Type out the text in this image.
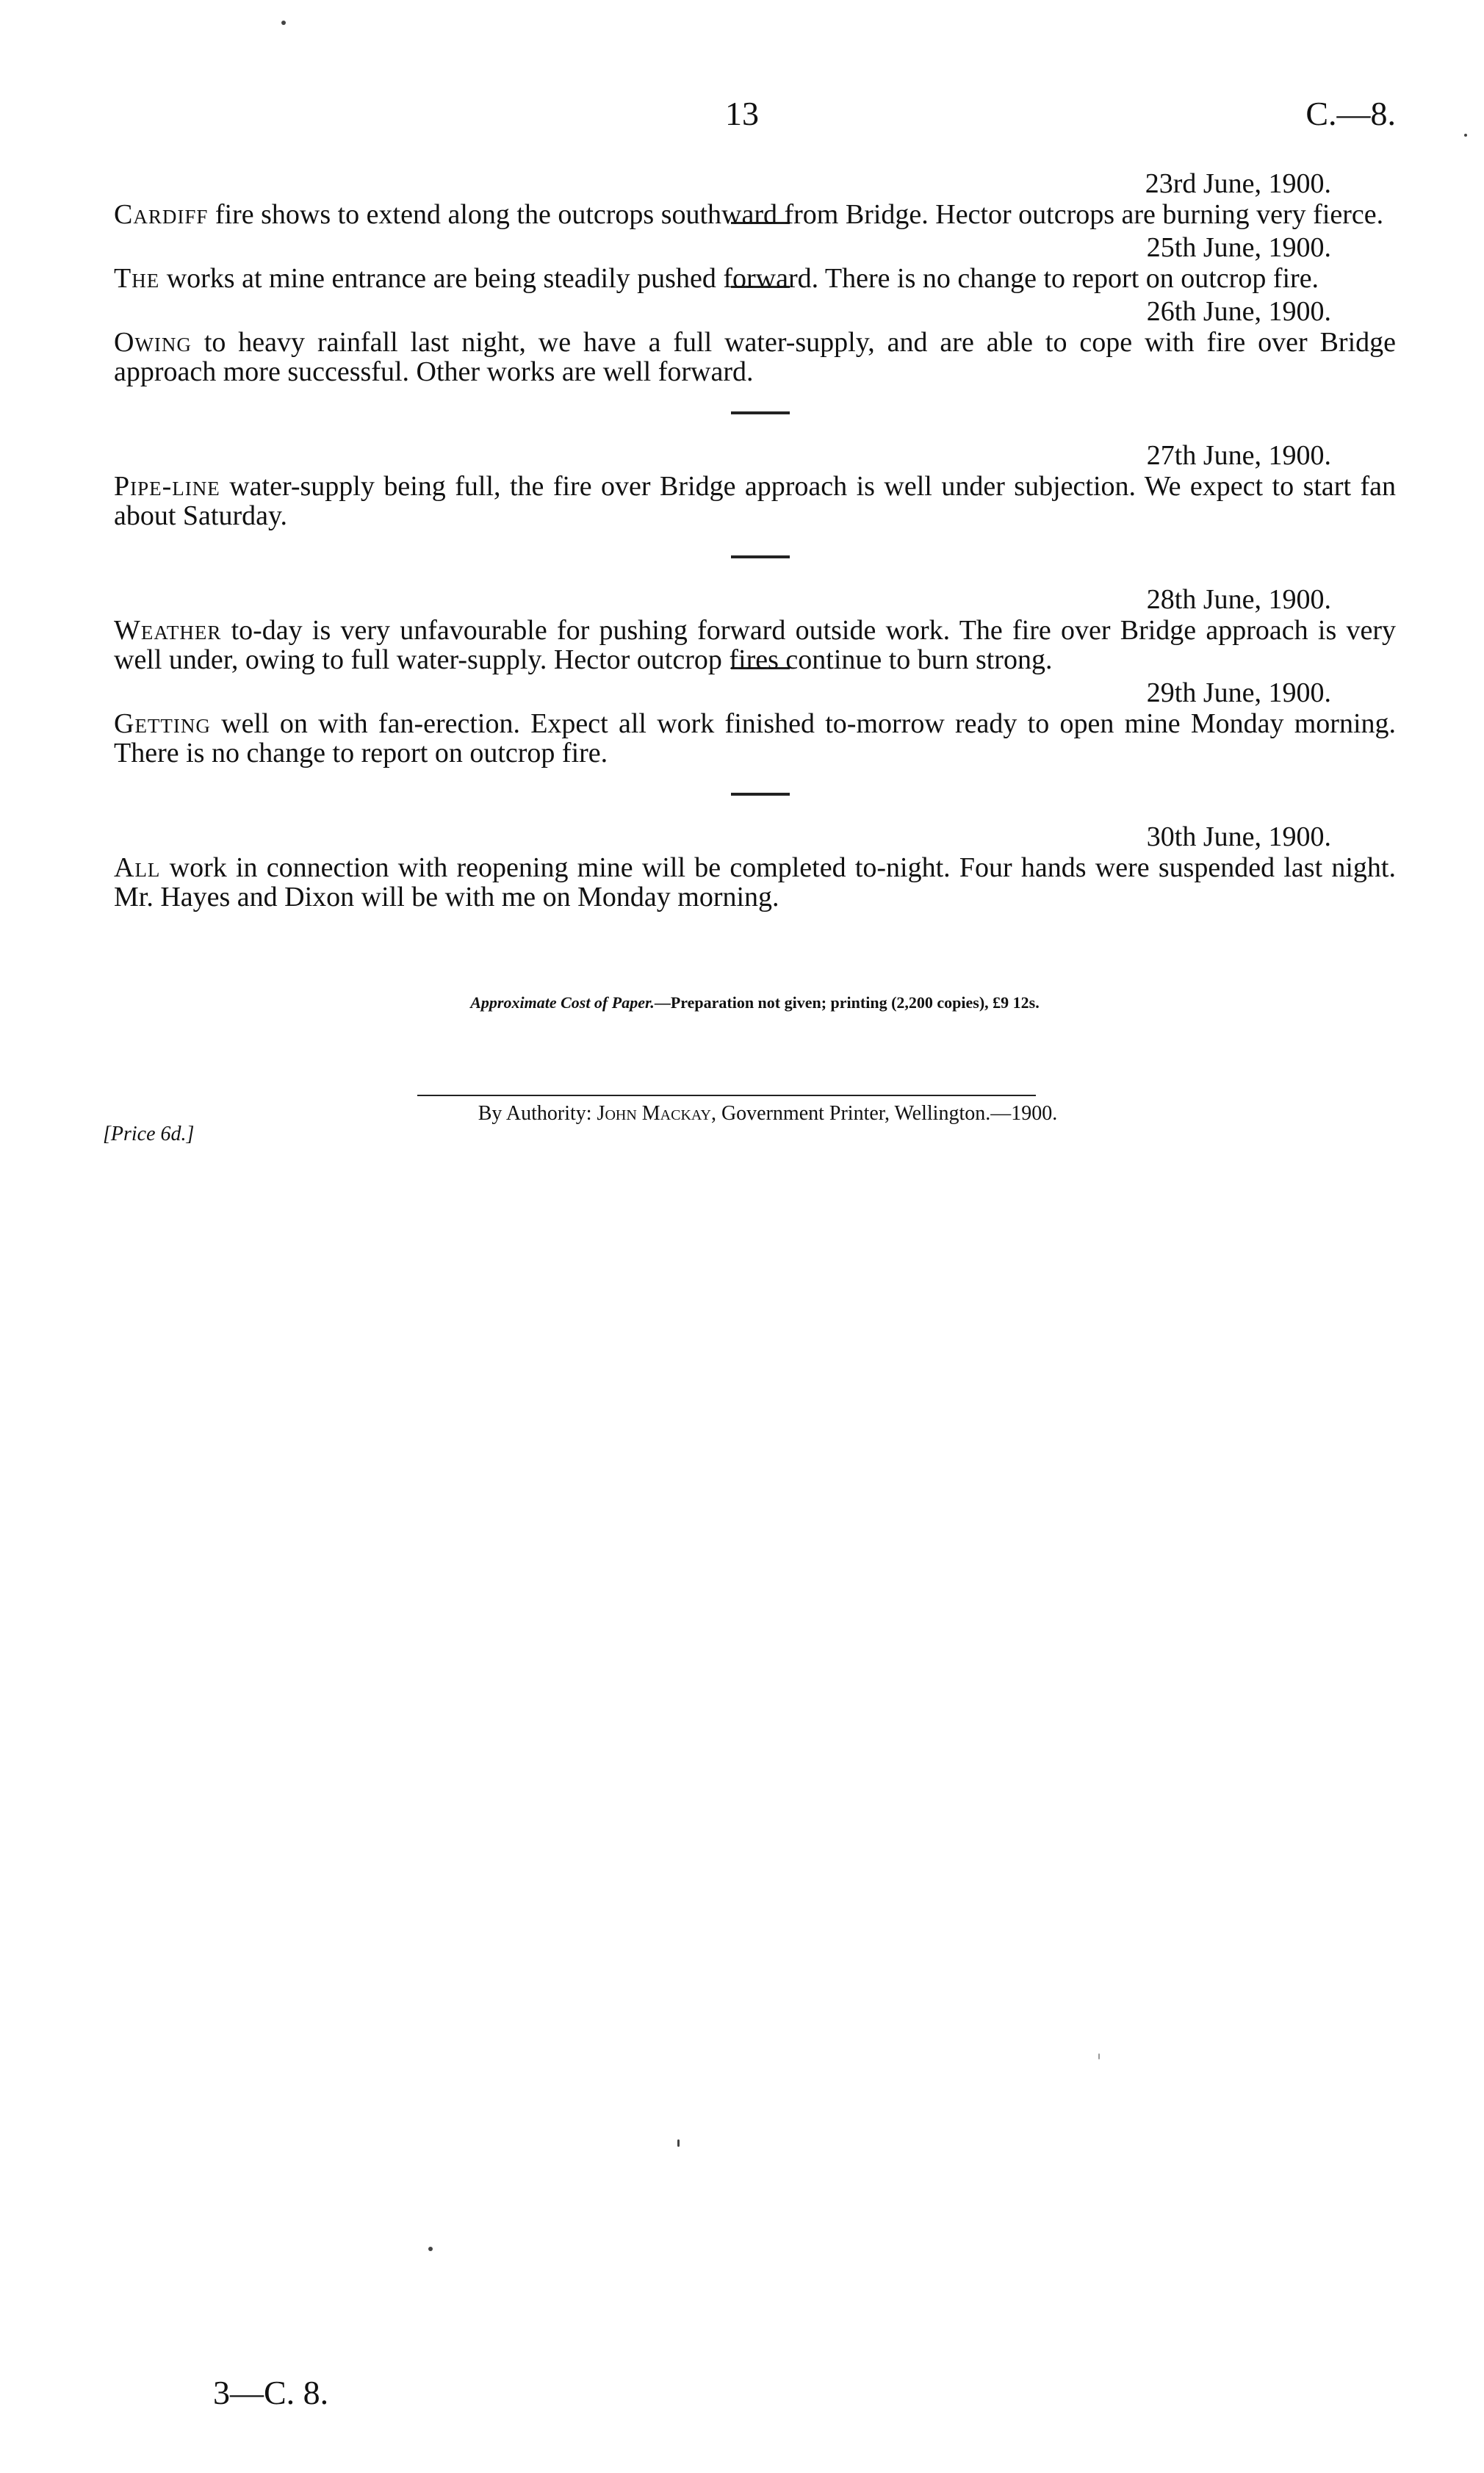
13	C.—8.
23rd June, 1900.
Cardiff fire shows to extend along the outcrops southward from Bridge. Hector outcrops are burning very fierce.
25th June, 1900.
The works at mine entrance are being steadily pushed forward. There is no change to report on outcrop fire.
26th June, 1900.
Owing to heavy rainfall last night, we have a full water-supply, and are able to cope with fire over Bridge approach more successful. Other works are well forward.
27th June, 1900.
Pipe-line water-supply being full, the fire over Bridge approach is well under subjection. We expect to start fan about Saturday.
28th June, 1900.
Weather to-day is very unfavourable for pushing forward outside work. The fire over Bridge approach is very well under, owing to full water-supply. Hector outcrop fires continue to burn strong.
29th June, 1900.
Getting well on with fan-erection. Expect all work finished to-morrow ready to open mine Monday morning. There is no change to report on outcrop fire.
30th June, 1900.
All work in connection with reopening mine will be completed to-night. Four hands were suspended last night. Mr. Hayes and Dixon will be with me on Monday morning.
Approximate Cost of Paper.—Preparation not given; printing (2,200 copies), £9 12s.
By Authority: John Mackay, Government Printer, Wellington.—1900.
[Price 6d.]
3—C. 8.
